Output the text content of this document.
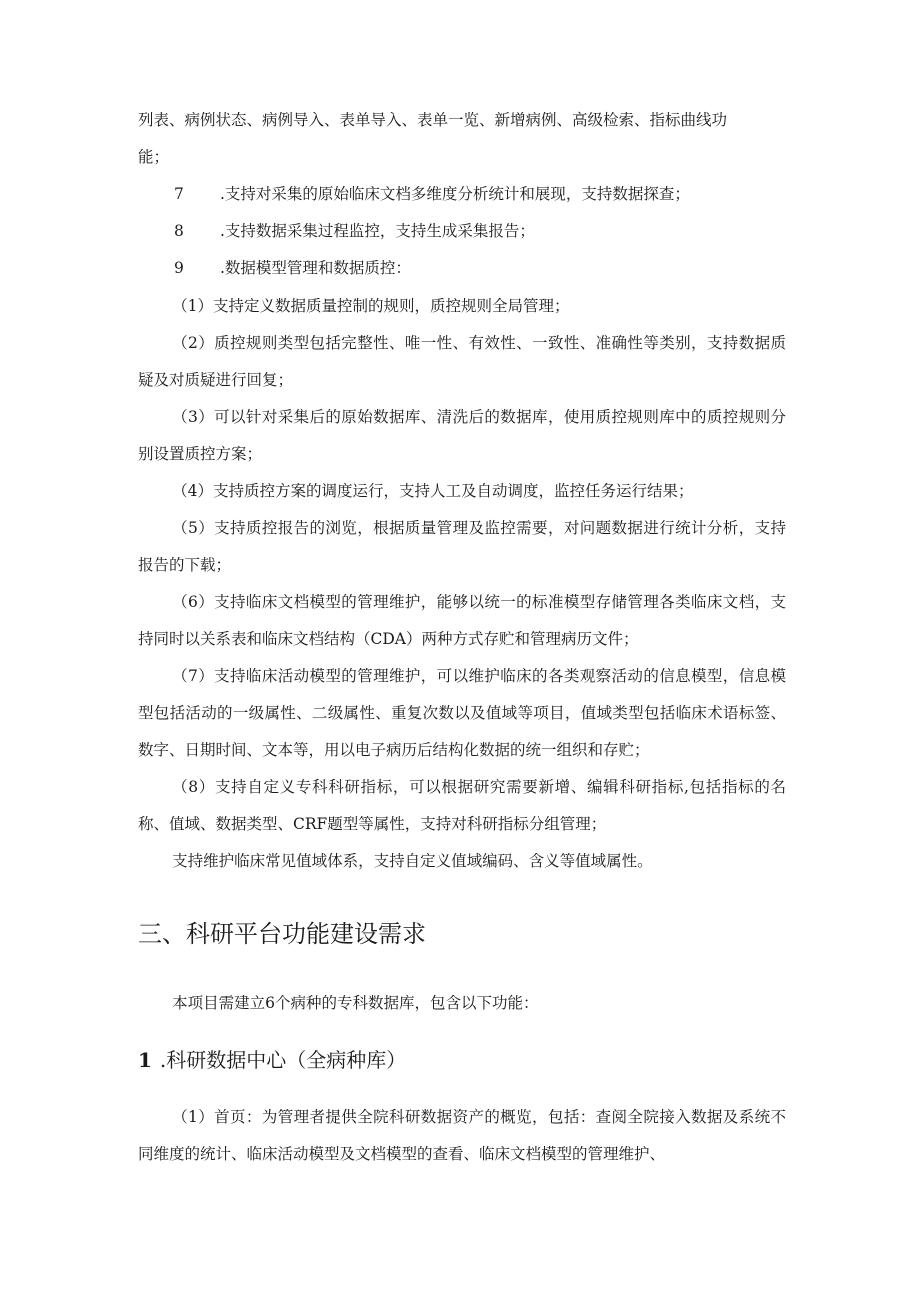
列表、病例状态、病例导入、表单导入、表单一览、新增病例、高级检索、指标曲线功
能；
7 .支持对采集的原始临床文档多维度分析统计和展现，支持数据探查；
8 .支持数据采集过程监控，支持生成采集报告；
9 .数据模型管理和数据质控：

（1）支持定义数据质量控制的规则，质控规则全局管理；

（2）质控规则类型包括完整性、唯一性、有效性、一致性、准确性等类别，支持数据质疑及对质疑进行回复；

（3）可以针对采集后的原始数据库、清洗后的数据库，使用质控规则库中的质控规则分别设置质控方案；

（4）支持质控方案的调度运行，支持人工及自动调度，监控任务运行结果；

（5）支持质控报告的浏览，根据质量管理及监控需要，对问题数据进行统计分析，支持报告的下载；

（6）支持临床文档模型的管理维护，能够以统一的标准模型存储管理各类临床文档，支持同时以关系表和临床文档结构（CDA）两种方式存贮和管理病历文件；

（7）支持临床活动模型的管理维护，可以维护临床的各类观察活动的信息模型，信息模型包括活动的一级属性、二级属性、重复次数以及值域等项目，值域类型包括临床术语标签、数字、日期时间、文本等，用以电子病历后结构化数据的统一组织和存贮；

（8）支持自定义专科科研指标，可以根据研究需要新增、编辑科研指标,包括指标的名称、值域、数据类型、CRF题型等属性，支持对科研指标分组管理；

支持维护临床常见值域体系，支持自定义值域编码、含义等值域属性。

三、科研平台功能建设需求

本项目需建立6个病种的专科数据库，包含以下功能：

1 .科研数据中心（全病种库）

（1）首页：为管理者提供全院科研数据资产的概览，包括：查阅全院接入数据及系统不同维度的统计、临床活动模型及文档模型的查看、临床文档模型的管理维护、
